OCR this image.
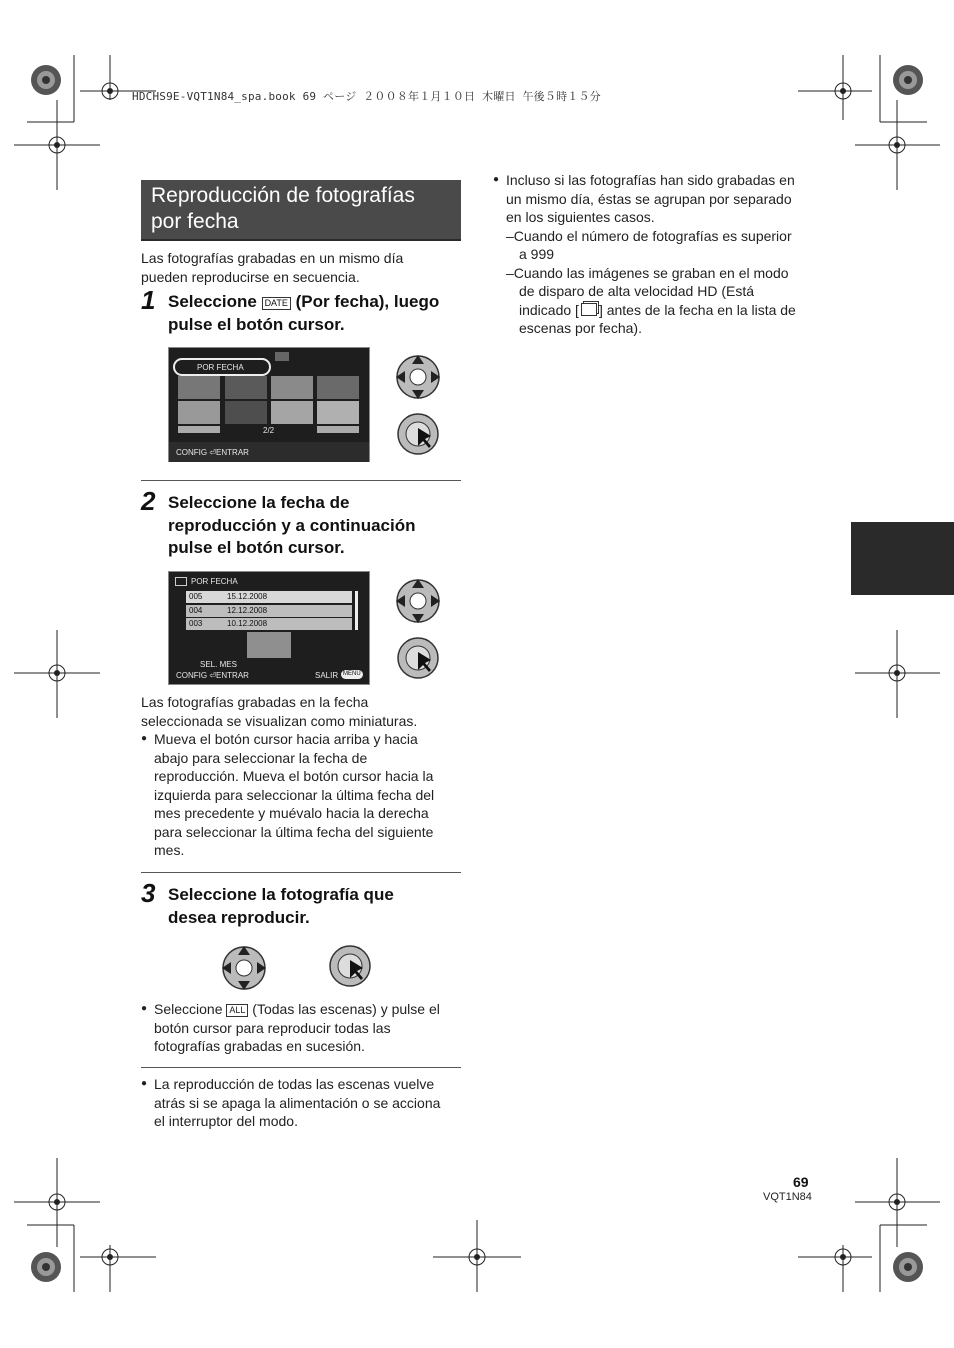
HDCHS9E-VQT1N84_spa.book 69 ページ ２００８年１月１０日 木曜日 午後５時１５分
Reproducción de fotografías
por fecha
Las fotografías grabadas en un mismo día
pueden reproducirse en secuencia.
1 Seleccione DATE (Por fecha), luego
pulse el botón cursor.
POR FECHA
2/2
CONFIG ⏎ENTRAR
2 Seleccione la fecha de
reproducción y a continuación
pulse el botón cursor.
POR FECHA
005	15.12.2008
004	12.12.2008
003	10.12.2008
SEL. MES
CONFIG ⏎ENTRAR	SALIR MENU
Las fotografías grabadas en la fecha
seleccionada se visualizan como miniaturas.
● Mueva el botón cursor hacia arriba y hacia
abajo para seleccionar la fecha de
reproducción. Mueva el botón cursor hacia la
izquierda para seleccionar la última fecha del
mes precedente y muévalo hacia la derecha
para seleccionar la última fecha del siguiente
mes.
3 Seleccione la fotografía que
desea reproducir.
● Seleccione ALL (Todas las escenas) y pulse el
botón cursor para reproducir todas las
fotografías grabadas en sucesión.
● La reproducción de todas las escenas vuelve
atrás si se apaga la alimentación o se acciona
el interruptor del modo.
● Incluso si las fotografías han sido grabadas en
un mismo día, éstas se agrupan por separado
en los siguientes casos.
–Cuando el número de fotografías es superior
a 999
–Cuando las imágenes se graban en el modo
de disparo de alta velocidad HD (Está
indicado [ ] antes de la fecha en la lista de
escenas por fecha).
69
VQT1N84
